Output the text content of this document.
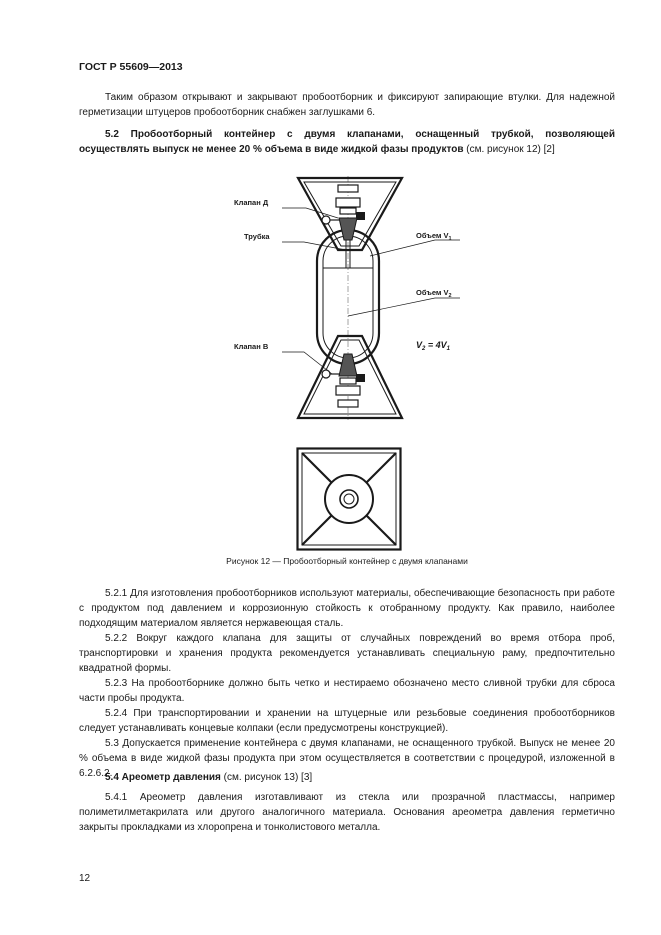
ГОСТ Р 55609—2013

Таким образом открывают и закрывают пробоотборник и фиксируют запирающие втулки. Для надежной герметизации штуцеров пробоотборник снабжен заглушками 6.

5.2 Пробоотборный контейнер с двумя клапанами, оснащенный трубкой, позволяющей осуществлять выпуск не менее 20 % объема в виде жидкой фазы продуктов (см. рисунок 12) [2]

Клапан Д
Трубка	Объем $V_1$
Объем $V_2$
$V_2 = 4V_1$
Клапан В
Рисунок 12 — Пробоотборный контейнер с двумя клапанами

5.2.1 Для изготовления пробоотборников используют материалы, обеспечивающие безопасность при работе с продуктом под давлением и коррозионную стойкость к отобранному продукту. Как правило, наиболее подходящим материалом является нержавеющая сталь.

5.2.2 Вокруг каждого клапана для защиты от случайных повреждений во время отбора проб, транспортировки и хранения продукта рекомендуется устанавливать специальную раму, предпочтительно квадратной формы.

5.2.3 На пробоотборнике должно быть четко и нестираемо обозначено место сливной трубки для сброса части пробы продукта.

5.2.4 При транспортировании и хранении на штуцерные или резьбовые соединения пробоотборников следует устанавливать концевые колпаки (если предусмотрены конструкцией).

5.3 Допускается применение контейнера с двумя клапанами, не оснащенного трубкой. Выпуск не менее 20 % объема в виде жидкой фазы продукта при этом осуществляется в соответствии с процедурой, изложенной в 6.2.6.2.

5.4 Ареометр давления (см. рисунок 13) [3]

5.4.1 Ареометр давления изготавливают из стекла или прозрачной пластмассы, например полиметилметакрилата или другого аналогичного материала. Основания ареометра давления герметично закрыты прокладками из хлоропрена и тонколистового металла.

12
